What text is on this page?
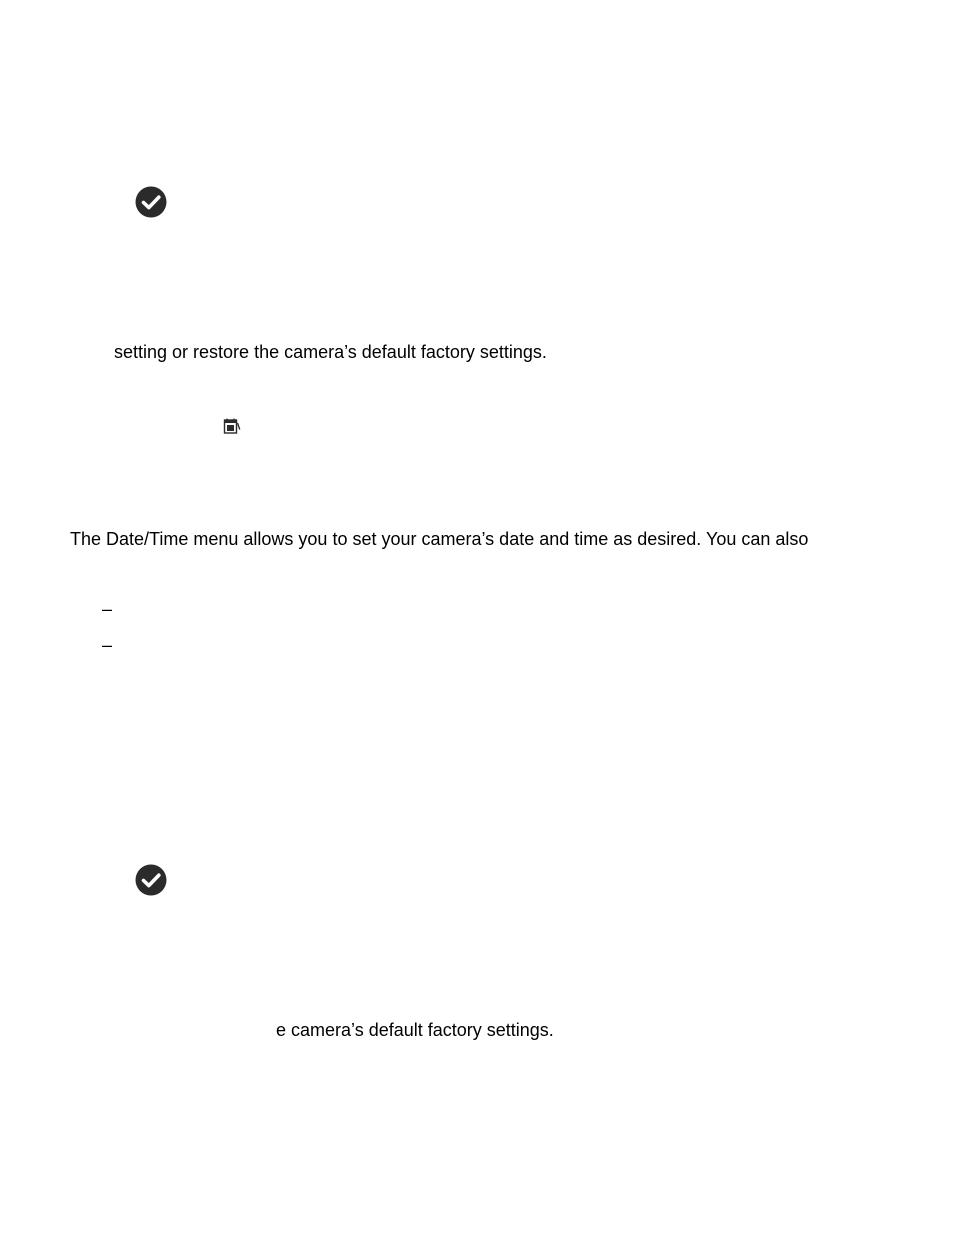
setting or restore the camera’s default factory settings.
The Date/Time menu allows you to set your camera’s date and time as desired. You can also
–
–
e camera’s default factory settings.
